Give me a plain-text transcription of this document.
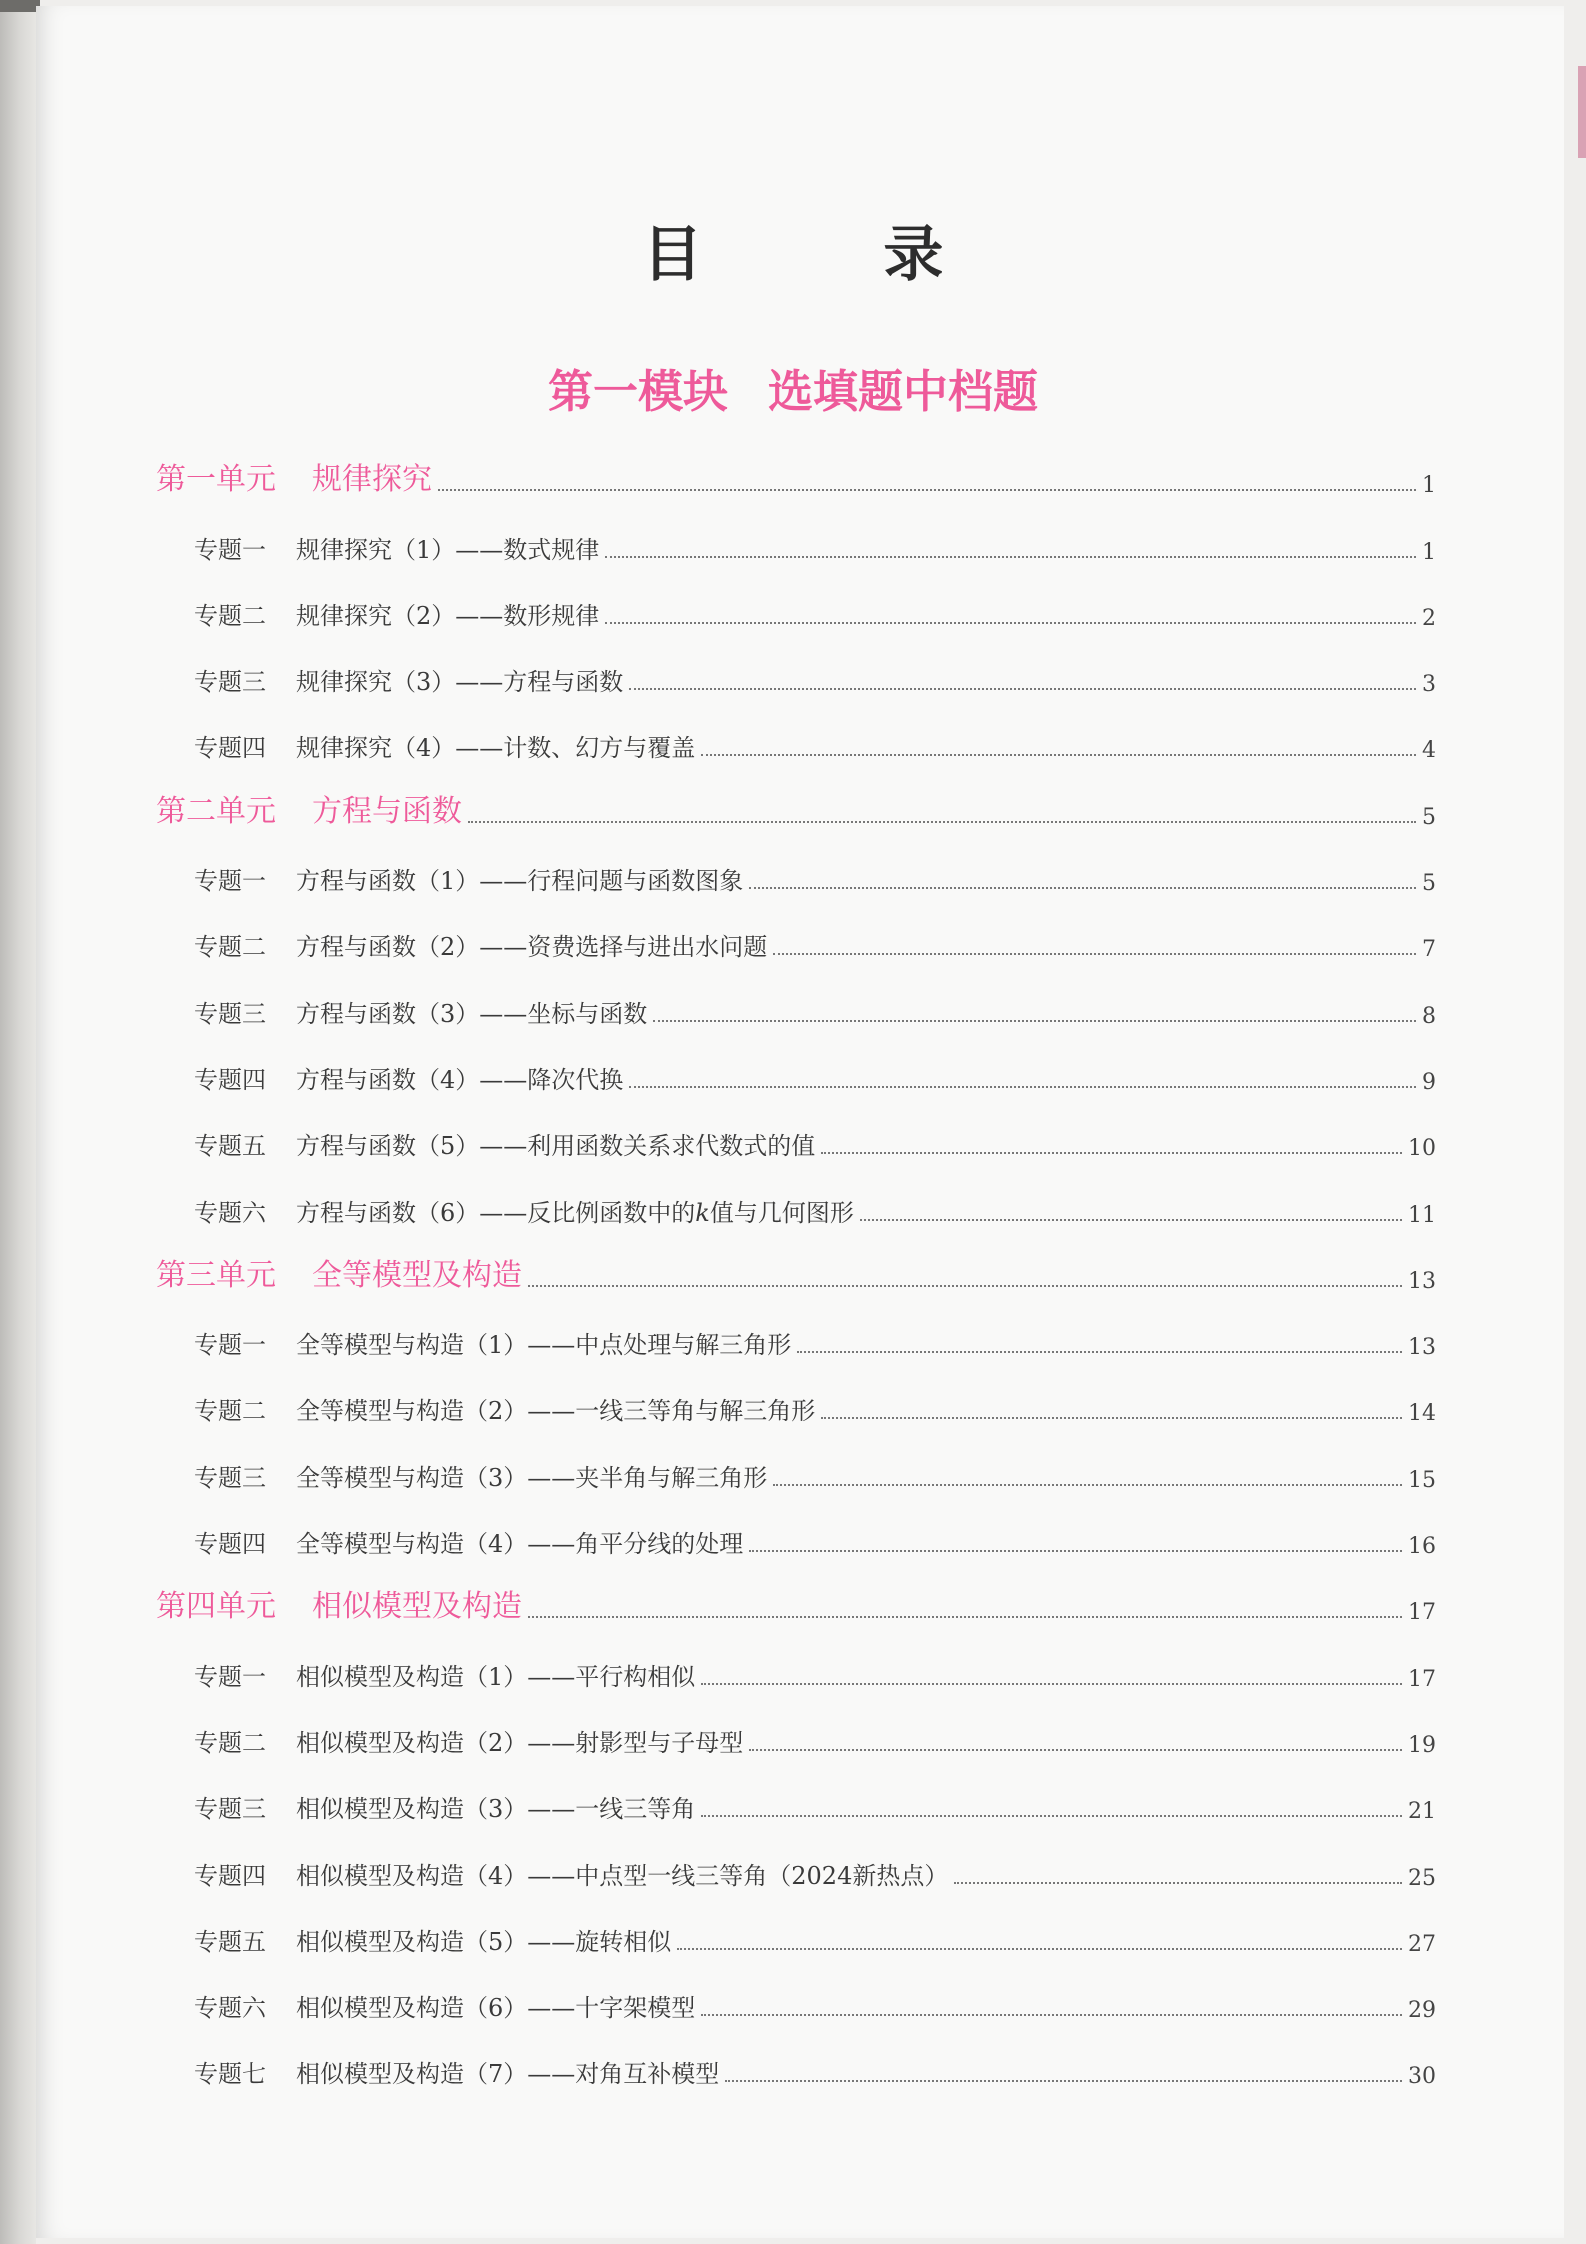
目 录
第一模块 选填题中档题
第一单元 规律探究	1
专题一 规律探究（1）——数式规律	1
专题二 规律探究（2）——数形规律	2
专题三 规律探究（3）——方程与函数	3
专题四 规律探究（4）——计数、幻方与覆盖	4
第二单元 方程与函数	5
专题一 方程与函数（1）——行程问题与函数图象	5
专题二 方程与函数（2）——资费选择与进出水问题	7
专题三 方程与函数（3）——坐标与函数	8
专题四 方程与函数（4）——降次代换	9
专题五 方程与函数（5）——利用函数关系求代数式的值	10
专题六 方程与函数（6）——反比例函数中的k值与几何图形	11
第三单元 全等模型及构造	13
专题一 全等模型与构造（1）——中点处理与解三角形	13
专题二 全等模型与构造（2）——一线三等角与解三角形	14
专题三 全等模型与构造（3）——夹半角与解三角形	15
专题四 全等模型与构造（4）——角平分线的处理	16
第四单元 相似模型及构造	17
专题一 相似模型及构造（1）——平行构相似	17
专题二 相似模型及构造（2）——射影型与子母型	19
专题三 相似模型及构造（3）——一线三等角	21
专题四 相似模型及构造（4）——中点型一线三等角（2024新热点）	25
专题五 相似模型及构造（5）——旋转相似	27
专题六 相似模型及构造（6）——十字架模型	29
专题七 相似模型及构造（7）——对角互补模型	30
